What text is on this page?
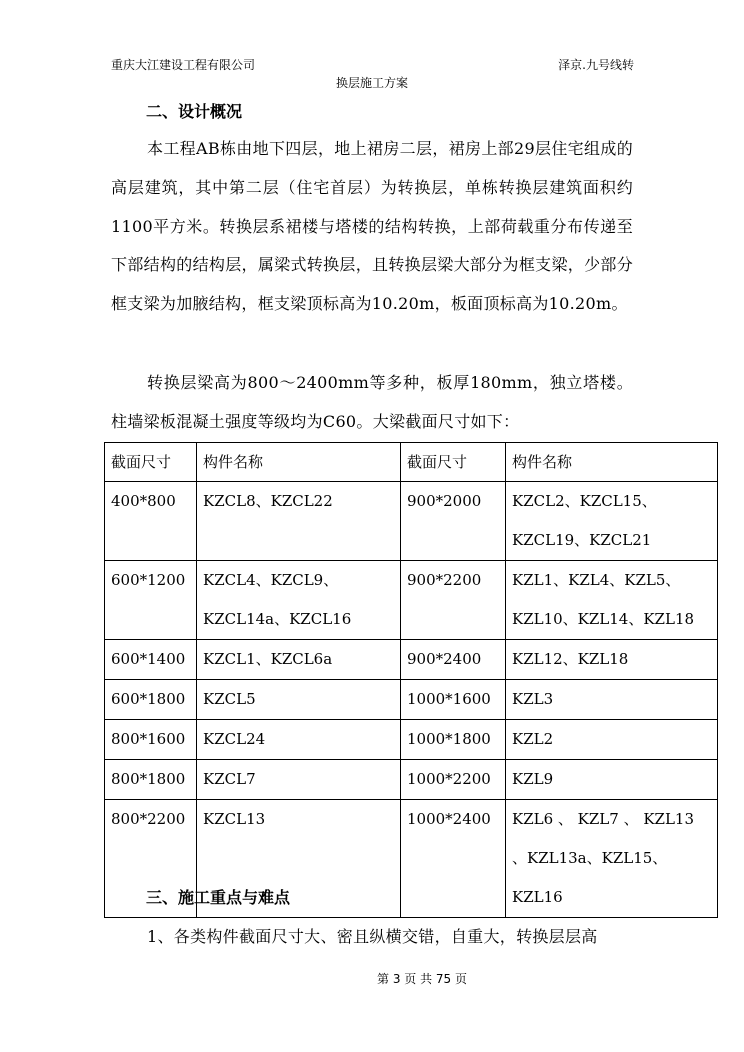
重庆大江建设工程有限公司	泽京.九号线转
换层施工方案
二、设计概况
本工程AB栋由地下四层，地上裙房二层，裙房上部29层住宅组成的高层建筑，其中第二层（住宅首层）为转换层，单栋转换层建筑面积约1100平方米。转换层系裙楼与塔楼的结构转换，上部荷载重分布传递至下部结构的结构层，属梁式转换层，且转换层梁大部分为框支梁，少部分框支梁为加腋结构，框支梁顶标高为10.20m，板面顶标高为10.20m。
转换层梁高为800～2400mm等多种，板厚180mm，独立塔楼。柱墙梁板混凝土强度等级均为C60。大梁截面尺寸如下：
截面尺寸	构件名称	截面尺寸	构件名称
400*800	KZCL8、KZCL22	900*2000	KZCL2、KZCL15、KZCL19、KZCL21
600*1200	KZCL4、KZCL9、KZCL14a、KZCL16	900*2200	KZL1、KZL4、KZL5、KZL10、KZL14、KZL18
600*1400	KZCL1、KZCL6a	900*2400	KZL12、KZL18
600*1800	KZCL5	1000*1600	KZL3
800*1600	KZCL24	1000*1800	KZL2
800*1800	KZCL7	1000*2200	KZL9
800*2200	KZCL13	1000*2400	KZL6 、 KZL7 、 KZL13 、KZL13a、KZL15、KZL16
三、施工重点与难点
1、各类构件截面尺寸大、密且纵横交错，自重大，转换层层高
第 3 页 共 75 页
